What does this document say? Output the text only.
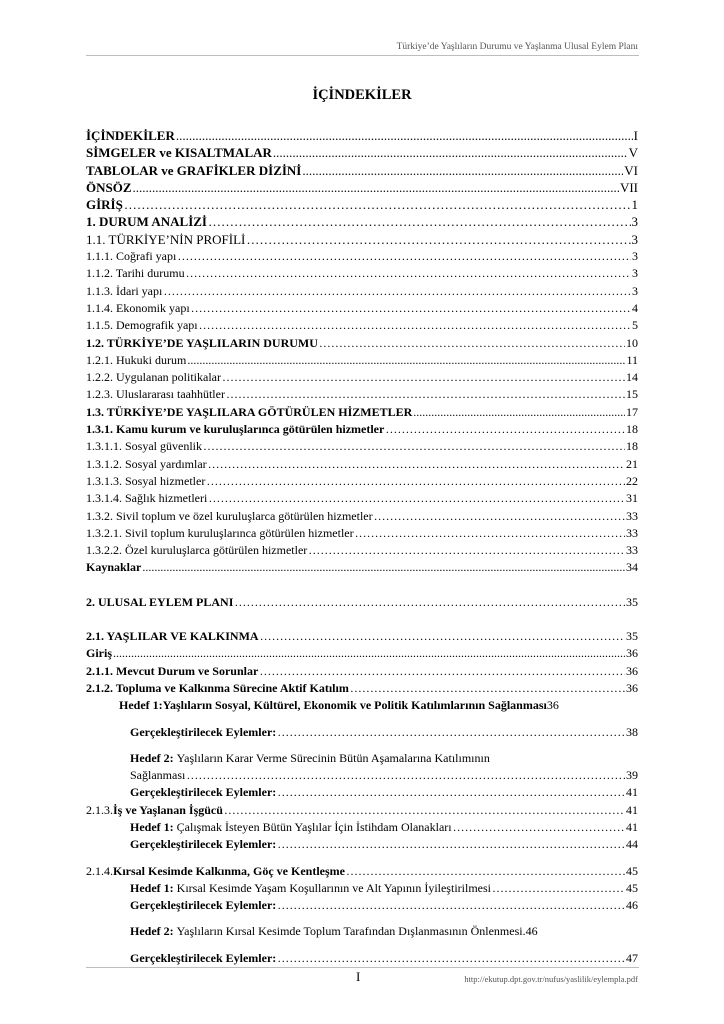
Türkiye’de Yaşlıların Durumu ve Yaşlanma Ulusal Eylem Planı
İÇİNDEKİLER
İÇİNDEKİLER .....	I
SİMGELER ve KISALTMALAR .....	V
TABLOLAR ve GRAFİKLER DİZİNİ .....	VI
ÖNSÖZ .....	VII
GİRİŞ ……………………………………………………………………………………………………………………………………………………………………………………………………………………………………………………………………………………………………………………………………………………………………………………………………………………………………………………………………………………………………………………………………………………………………………………………………………………………………………………………………………………………………………………………………………………………………………………………………………………………………………………………………………………………………………………………………………………………………………………………………………………………………………………………………………………………………………………………………………………………	1
1. DURUM ANALİZİ ……………………………………………………………………………………………………………………………………………………………………………………………………………………………………………………………………………………………………………………………………………………………………………………………………………………………………………………………………………………………………………………………………………………………………………………………………………………………………………………………………………………………………………………………………………………………………………………………………………………………………………………………………………………………………………………………………………………………………………………………………………………………………………………………………………………………………………………………………………………………	3
1.1. TÜRKİYE’NİN PROFİLİ ……………………………………………………………………………………………………………………………………………………………………………………………………………………………………………………………………………………………………………………………………………………………………………………………………………………………………………………………………………………………………………………………………………………………………………………………………………………………………………………………………………………………………………………………………………………………………………………………………………………………………………………………………………………………………………………………………………………………………………………………………………………………………………………………………………………………………………………………………………………………	3
1.1.1. Coğrafi yapı ……………………………………………………………………………………………………………………………………………………………………………………………………………………………………………………………………………………………………………………………………………………………………………………………………………………………………………………………………………………………………………………………………………………………………………………………………………………………………………………………………………………………………………………………………………………………………………………………………………………………………………………………………………………………………………………………………………………………………………………………………………………………………………………………………………………………………………………………………………………………	3
1.1.2. Tarihi durumu ……………………………………………………………………………………………………………………………………………………………………………………………………………………………………………………………………………………………………………………………………………………………………………………………………………………………………………………………………………………………………………………………………………………………………………………………………………………………………………………………………………………………………………………………………………………………………………………………………………………………………………………………………………………………………………………………………………………………………………………………………………………………………………………………………………………………………………………………………………………………	3
1.1.3. İdari yapı ……………………………………………………………………………………………………………………………………………………………………………………………………………………………………………………………………………………………………………………………………………………………………………………………………………………………………………………………………………………………………………………………………………………………………………………………………………………………………………………………………………………………………………………………………………………………………………………………………………………………………………………………………………………………………………………………………………………………………………………………………………………………………………………………………………………………………………………………………………………………	3
1.1.4. Ekonomik yapı ……………………………………………………………………………………………………………………………………………………………………………………………………………………………………………………………………………………………………………………………………………………………………………………………………………………………………………………………………………………………………………………………………………………………………………………………………………………………………………………………………………………………………………………………………………………………………………………………………………………………………………………………………………………………………………………………………………………………………………………………………………………………………………………………………………………………………………………………………………………………	4
1.1.5. Demografik yapı ……………………………………………………………………………………………………………………………………………………………………………………………………………………………………………………………………………………………………………………………………………………………………………………………………………………………………………………………………………………………………………………………………………………………………………………………………………………………………………………………………………………………………………………………………………………………………………………………………………………………………………………………………………………………………………………………………………………………………………………………………………………………………………………………………………………………………………………………………………………………	5
1.2. TÜRKİYE’DE YAŞLILARIN DURUMU ……………………………………………………………………………………………………………………………………………………………………………………………………………………………………………………………………………………………………………………………………………………………………………………………………………………………………………………………………………………………………………………………………………………………………………………………………………………………………………………………………………………………………………………………………………………………………………………………………………………………………………………………………………………………………………………………………………………………………………………………………………………………………………………………………………………………………………………………………………………………	10
1.2.1. Hukuki durum .....	11
1.2.2. Uygulanan politikalar ……………………………………………………………………………………………………………………………………………………………………………………………………………………………………………………………………………………………………………………………………………………………………………………………………………………………………………………………………………………………………………………………………………………………………………………………………………………………………………………………………………………………………………………………………………………………………………………………………………………………………………………………………………………………………………………………………………………………………………………………………………………………………………………………………………………………………………………………………………………………	14
1.2.3. Uluslararası taahhütler ……………………………………………………………………………………………………………………………………………………………………………………………………………………………………………………………………………………………………………………………………………………………………………………………………………………………………………………………………………………………………………………………………………………………………………………………………………………………………………………………………………………………………………………………………………………………………………………………………………………………………………………………………………………………………………………………………………………………………………………………………………………………………………………………………………………………………………………………………………………………	15
1.3. TÜRKİYE’DE YAŞLILARA GÖTÜRÜLEN HİZMETLER .....	17
1.3.1. Kamu kurum ve kuruluşlarınca götürülen hizmetler ……………………………………………………………………………………………………………………………………………………………………………………………………………………………………………………………………………………………………………………………………………………………………………………………………………………………………………………………………………………………………………………………………………………………………………………………………………………………………………………………………………………………………………………………………………………………………………………………………………………………………………………………………………………………………………………………………………………………………………………………………………………………………………………………………………………………………………………………………………………………	18
1.3.1.1. Sosyal güvenlik ……………………………………………………………………………………………………………………………………………………………………………………………………………………………………………………………………………………………………………………………………………………………………………………………………………………………………………………………………………………………………………………………………………………………………………………………………………………………………………………………………………………………………………………………………………………………………………………………………………………………………………………………………………………………………………………………………………………………………………………………………………………………………………………………………………………………………………………………………………………………	18
1.3.1.2. Sosyal yardımlar ……………………………………………………………………………………………………………………………………………………………………………………………………………………………………………………………………………………………………………………………………………………………………………………………………………………………………………………………………………………………………………………………………………………………………………………………………………………………………………………………………………………………………………………………………………………………………………………………………………………………………………………………………………………………………………………………………………………………………………………………………………………………………………………………………………………………………………………………………………………………	21
1.3.1.3. Sosyal hizmetler ……………………………………………………………………………………………………………………………………………………………………………………………………………………………………………………………………………………………………………………………………………………………………………………………………………………………………………………………………………………………………………………………………………………………………………………………………………………………………………………………………………………………………………………………………………………………………………………………………………………………………………………………………………………………………………………………………………………………………………………………………………………………………………………………………………………………………………………………………………………………	22
1.3.1.4. Sağlık hizmetleri ……………………………………………………………………………………………………………………………………………………………………………………………………………………………………………………………………………………………………………………………………………………………………………………………………………………………………………………………………………………………………………………………………………………………………………………………………………………………………………………………………………………………………………………………………………………………………………………………………………………………………………………………………………………………………………………………………………………………………………………………………………………………………………………………………………………………………………………………………………………………	31
1.3.2. Sivil toplum ve özel kuruluşlarca götürülen hizmetler ……………………………………………………………………………………………………………………………………………………………………………………………………………………………………………………………………………………………………………………………………………………………………………………………………………………………………………………………………………………………………………………………………………………………………………………………………………………………………………………………………………………………………………………………………………………………………………………………………………………………………………………………………………………………………………………………………………………………………………………………………………………………………………………………………………………………………………………………………………………………	33
1.3.2.1. Sivil toplum kuruluşlarınca götürülen hizmetler ……………………………………………………………………………………………………………………………………………………………………………………………………………………………………………………………………………………………………………………………………………………………………………………………………………………………………………………………………………………………………………………………………………………………………………………………………………………………………………………………………………………………………………………………………………………………………………………………………………………………………………………………………………………………………………………………………………………………………………………………………………………………………………………………………………………………………………………………………………………………	33
1.3.2.2. Özel kuruluşlarca götürülen hizmetler ……………………………………………………………………………………………………………………………………………………………………………………………………………………………………………………………………………………………………………………………………………………………………………………………………………………………………………………………………………………………………………………………………………………………………………………………………………………………………………………………………………………………………………………………………………………………………………………………………………………………………………………………………………………………………………………………………………………………………………………………………………………………………………………………………………………………………………………………………………………………	33
Kaynaklar .....	34
2. ULUSAL EYLEM PLANI ……………………………………………………………………………………………………………………………………………………………………………………………………………………………………………………………………………………………………………………………………………………………………………………………………………………………………………………………………………………………………………………………………………………………………………………………………………………………………………………………………………………………………………………………………………………………………………………………………………………………………………………………………………………………………………………………………………………………………………………………………………………………………………………………………………………………………………………………………………………………	35
2.1. YAŞLILAR VE KALKINMA ……………………………………………………………………………………………………………………………………………………………………………………………………………………………………………………………………………………………………………………………………………………………………………………………………………………………………………………………………………………………………………………………………………………………………………………………………………………………………………………………………………………………………………………………………………………………………………………………………………………………………………………………………………………………………………………………………………………………………………………………………………………………………………………………………………………………………………………………………………………………	35
Giriş .....	36
2.1.1. Mevcut Durum ve Sorunlar ……………………………………………………………………………………………………………………………………………………………………………………………………………………………………………………………………………………………………………………………………………………………………………………………………………………………………………………………………………………………………………………………………………………………………………………………………………………………………………………………………………………………………………………………………………………………………………………………………………………………………………………………………………………………………………………………………………………………………………………………………………………………………………………………………………………………………………………………………………………………	36
2.1.2. Topluma ve Kalkınma Sürecine Aktif Katılım ……………………………………………………………………………………………………………………………………………………………………………………………………………………………………………………………………………………………………………………………………………………………………………………………………………………………………………………………………………………………………………………………………………………………………………………………………………………………………………………………………………………………………………………………………………………………………………………………………………………………………………………………………………………………………………………………………………………………………………………………………………………………………………………………………………………………………………………………………………………………	36
Hedef 1: Yaşlıların Sosyal, Kültürel, Ekonomik ve Politik Katılımlarının Sağlanması 36
Gerçekleştirilecek Eylemler : ……………………………………………………………………………………………………………………………………………………………………………………………………………………………………………………………………………………………………………………………………………………………………………………………………………………………………………………………………………………………………………………………………………………………………………………………………………………………………………………………………………………………………………………………………………………………………………………………………………………………………………………………………………………………………………………………………………………………………………………………………………………………………………………………………………………………………………………………………………………………	38
Hedef 2:
Yaşlıların Karar Verme Sürecinin Bütün Aşamalarına Katılımının
Sağlanması ……………………………………………………………………………………………………………………………………………………………………………………………………………………………………………………………………………………………………………………………………………………………………………………………………………………………………………………………………………………………………………………………………………………………………………………………………………………………………………………………………………………………………………………………………………………………………………………………………………………………………………………………………………………………………………………………………………………………………………………………………………………………………………………………………………………………………………………………………………………………	39
Gerçekleştirilecek Eylemler : ……………………………………………………………………………………………………………………………………………………………………………………………………………………………………………………………………………………………………………………………………………………………………………………………………………………………………………………………………………………………………………………………………………………………………………………………………………………………………………………………………………………………………………………………………………………………………………………………………………………………………………………………………………………………………………………………………………………………………………………………………………………………………………………………………………………………………………………………………………………………	41
2.1.3. İş ve Yaşlanan İşgücü ……………………………………………………………………………………………………………………………………………………………………………………………………………………………………………………………………………………………………………………………………………………………………………………………………………………………………………………………………………………………………………………………………………………………………………………………………………………………………………………………………………………………………………………………………………………………………………………………………………………………………………………………………………………………………………………………………………………………………………………………………………………………………………………………………………………………………………………………………………………………	41
Hedef 1:
Çalışmak İsteyen Bütün Yaşlılar İçin İstihdam Olanakları ……………………………………………………………………………………………………………………………………………………………………………………………………………………………………………………………………………………………………………………………………………………………………………………………………………………………………………………………………………………………………………………………………………………………………………………………………………………………………………………………………………………………………………………………………………………………………………………………………………………………………………………………………………………………………………………………………………………………………………………………………………………………………………………………………………………………………………………………………………………………	41
Gerçekleştirilecek Eylemler : ……………………………………………………………………………………………………………………………………………………………………………………………………………………………………………………………………………………………………………………………………………………………………………………………………………………………………………………………………………………………………………………………………………………………………………………………………………………………………………………………………………………………………………………………………………………………………………………………………………………………………………………………………………………………………………………………………………………………………………………………………………………………………………………………………………………………………………………………………………………………	44
2.1.4. Kırsal Kesimde Kalkınma, Göç ve Kentleşme ……………………………………………………………………………………………………………………………………………………………………………………………………………………………………………………………………………………………………………………………………………………………………………………………………………………………………………………………………………………………………………………………………………………………………………………………………………………………………………………………………………………………………………………………………………………………………………………………………………………………………………………………………………………………………………………………………………………………………………………………………………………………………………………………………………………………………………………………………………………………	45
Hedef 1:
Kırsal Kesimde Yaşam Koşullarının ve Alt Yapının İyileştirilmesi ……………………………………………………………………………………………………………………………………………………………………………………………………………………………………………………………………………………………………………………………………………………………………………………………………………………………………………………………………………………………………………………………………………………………………………………………………………………………………………………………………………………………………………………………………………………………………………………………………………………………………………………………………………………………………………………………………………………………………………………………………………………………………………………………………………………………………………………………………………………………	45
Gerçekleştirilecek Eylemler : ……………………………………………………………………………………………………………………………………………………………………………………………………………………………………………………………………………………………………………………………………………………………………………………………………………………………………………………………………………………………………………………………………………………………………………………………………………………………………………………………………………………………………………………………………………………………………………………………………………………………………………………………………………………………………………………………………………………………………………………………………………………………………………………………………………………………………………………………………………………………	46
Hedef 2:
Yaşlıların Kırsal Kesimde Toplum Tarafından Dışlanmasının Önlenmesi . 46
Gerçekleştirilecek Eylemler : ……………………………………………………………………………………………………………………………………………………………………………………………………………………………………………………………………………………………………………………………………………………………………………………………………………………………………………………………………………………………………………………………………………………………………………………………………………………………………………………………………………………………………………………………………………………………………………………………………………………………………………………………………………………………………………………………………………………………………………………………………………………………………………………………………………………………………………………………………………………………	47
I	http://ekutup.dpt.gov.tr/nufus/yaslilik/eylempla.pdf
